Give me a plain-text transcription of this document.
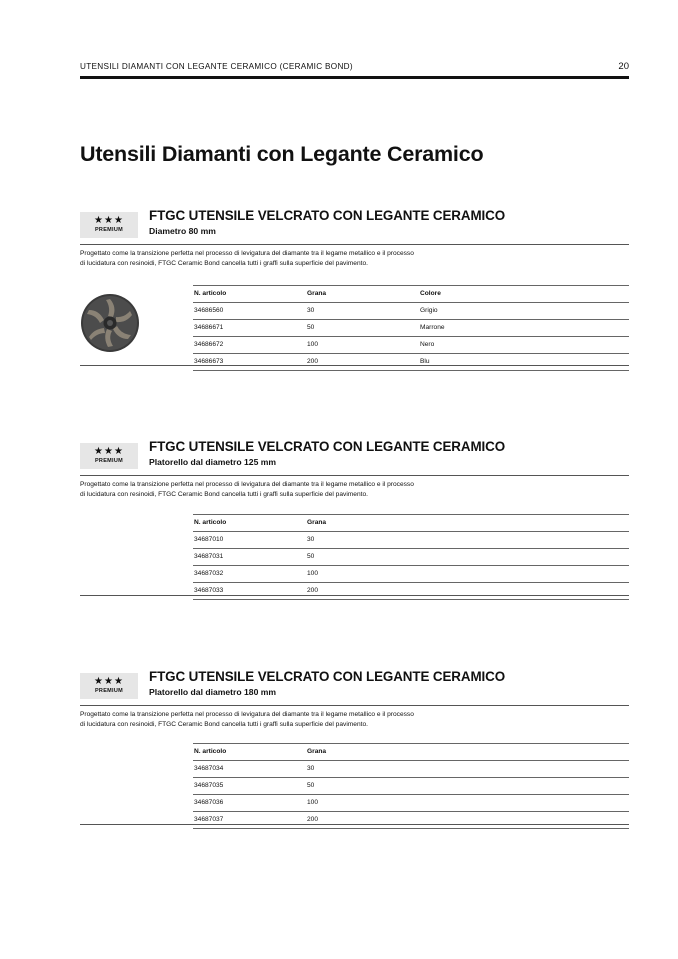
UTENSILI DIAMANTI CON LEGANTE CERAMICO (CERAMIC BOND)	20
Utensili Diamanti con Legante Ceramico
★★★
PREMIUM
FTGC UTENSILE VELCRATO CON LEGANTE CERAMICO
Diametro 80 mm
Progettato come la transizione perfetta nel processo di levigatura del diamante tra il legame metallico e il processo
di lucidatura con resinoidi, FTGC Ceramic Bond cancella tutti i graffi sulla superficie del pavimento.
N. articolo	Grana	Colore
34686560	30	Grigio
34686671	50	Marrone
34686672	100	Nero
34686673	200	Blu
★★★
PREMIUM
FTGC UTENSILE VELCRATO CON LEGANTE CERAMICO
Platorello dal diametro 125 mm
Progettato come la transizione perfetta nel processo di levigatura del diamante tra il legame metallico e il processo
di lucidatura con resinoidi, FTGC Ceramic Bond cancella tutti i graffi sulla superficie del pavimento.
N. articolo	Grana
34687010	30
34687031	50
34687032	100
34687033	200
★★★
PREMIUM
FTGC UTENSILE VELCRATO CON LEGANTE CERAMICO
Platorello dal diametro 180 mm
Progettato come la transizione perfetta nel processo di levigatura del diamante tra il legame metallico e il processo
di lucidatura con resinoidi, FTGC Ceramic Bond cancella tutti i graffi sulla superficie del pavimento.
N. articolo	Grana
34687034	30
34687035	50
34687036	100
34687037	200
